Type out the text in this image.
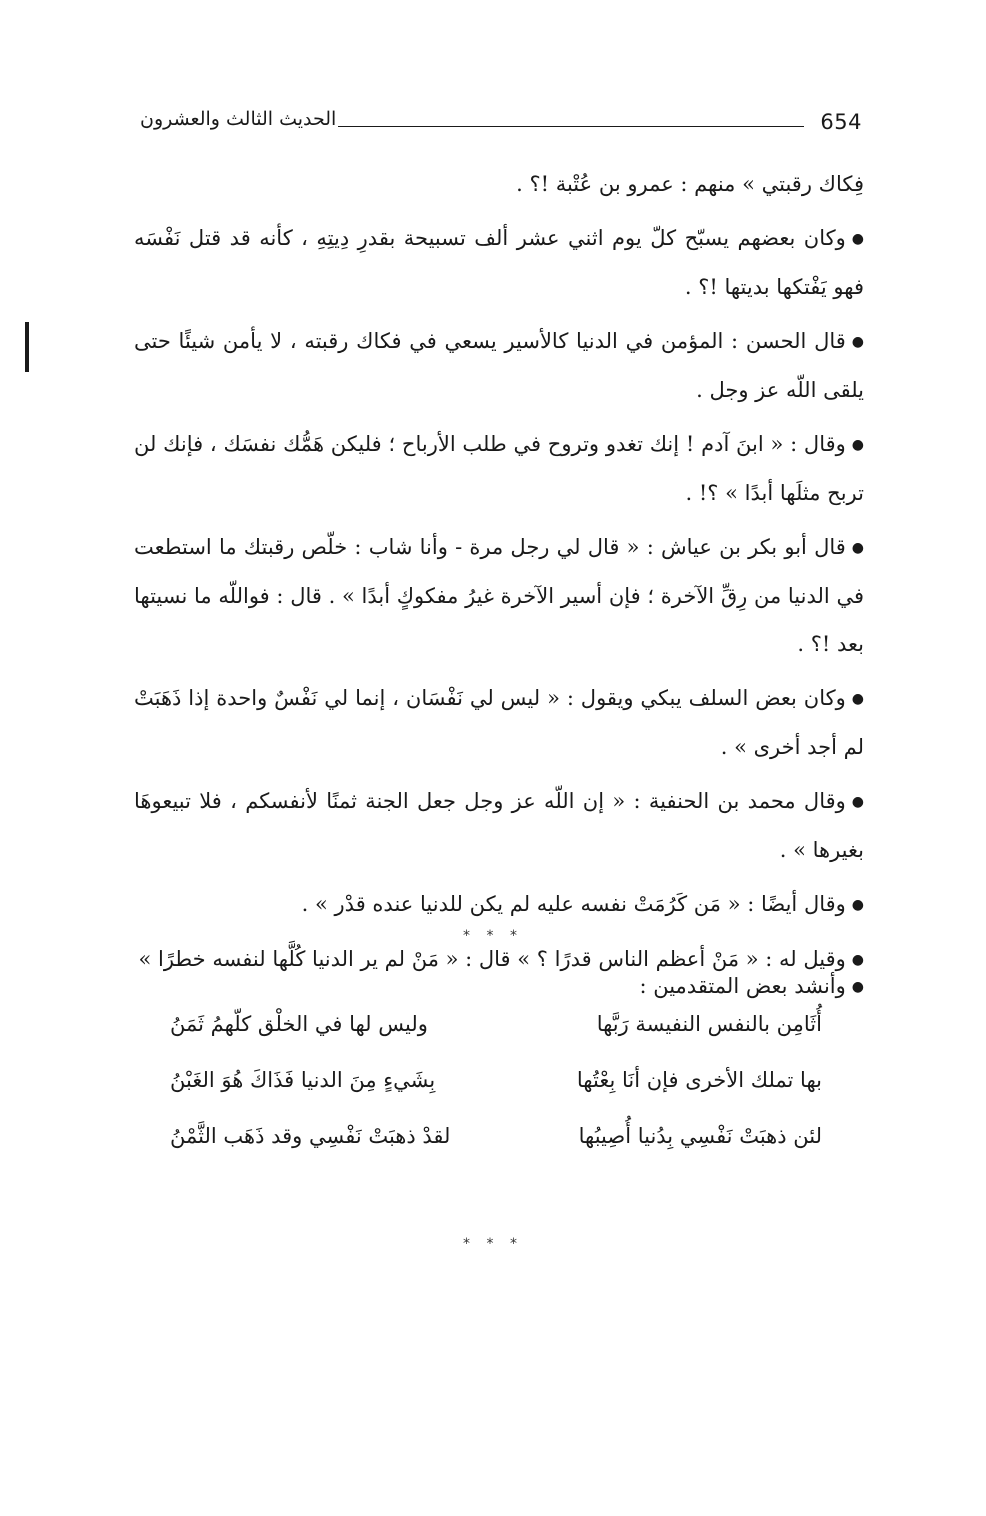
الحديث الثالث والعشرون	654

فِكاك رقبتي » منهم : عمرو بن عُتْبة !؟ .

●وكان بعضهم يسبّح كلّ يوم اثني عشر ألف تسبيحة بقدرِ دِيتِهِ ، كأنه قد قتل نَفْسَه فهو يَفْتكها بديتها !؟ .

●قال الحسن : المؤمن في الدنيا كالأسير يسعي في فكاك رقبته ، لا يأمن شيئًا حتى يلقى اللّه عز وجل .

●وقال : « ابنَ آدم ! إنك تغدو وتروح في طلب الأرباح ؛ فليكن هَمُّك نفسَك ، فإنك لن تربح مثلَها أبدًا » ؟! .

●قال أبو بكر بن عياش : « قال لي رجل مرة - وأنا شاب : خلّص رقبتك ما استطعت في الدنيا من رِقِّ الآخرة ؛ فإن أسير الآخرة غيرُ مفكوكٍ أبدًا » . قال : فواللّه ما نسيتها بعد !؟ .

●وكان بعض السلف يبكي ويقول : « ليس لي نَفْسَان ، إنما لي نَفْسٌ واحدة إذا ذَهَبَتْ لم أجد أخرى » .

●وقال محمد بن الحنفية : « إن اللّه عز وجل جعل الجنة ثمنًا لأنفسكم ، فلا تبيعوهَا بغيرها » .

●وقال أيضًا : « مَن كَرُمَتْ نفسه عليه لم يكن للدنيا عنده قدْر » .

●وقيل له : « مَنْ أعظم الناس قدرًا ؟ » قال : « مَنْ لم ير الدنيا كُلَّها لنفسه خطرًا »

* * *
●وأنشد بعض المتقدمين :
أُثَامِن بالنفس النفيسة رَبَّها
وليس لها في الخلْق كلّهمُ ثَمَنُ
بها تملك الأخرى فإن أنَا بِعْتُها
بِشَيءٍ مِنَ الدنيا فَذَاكَ هُوَ الغَبْنُ
لئن ذهبَتْ نَفْسِي بِدُنيا أُصِيبُها
لقدْ ذهبَتْ نَفْسِي وقد ذَهَب الثَّمْنُ
* * *
